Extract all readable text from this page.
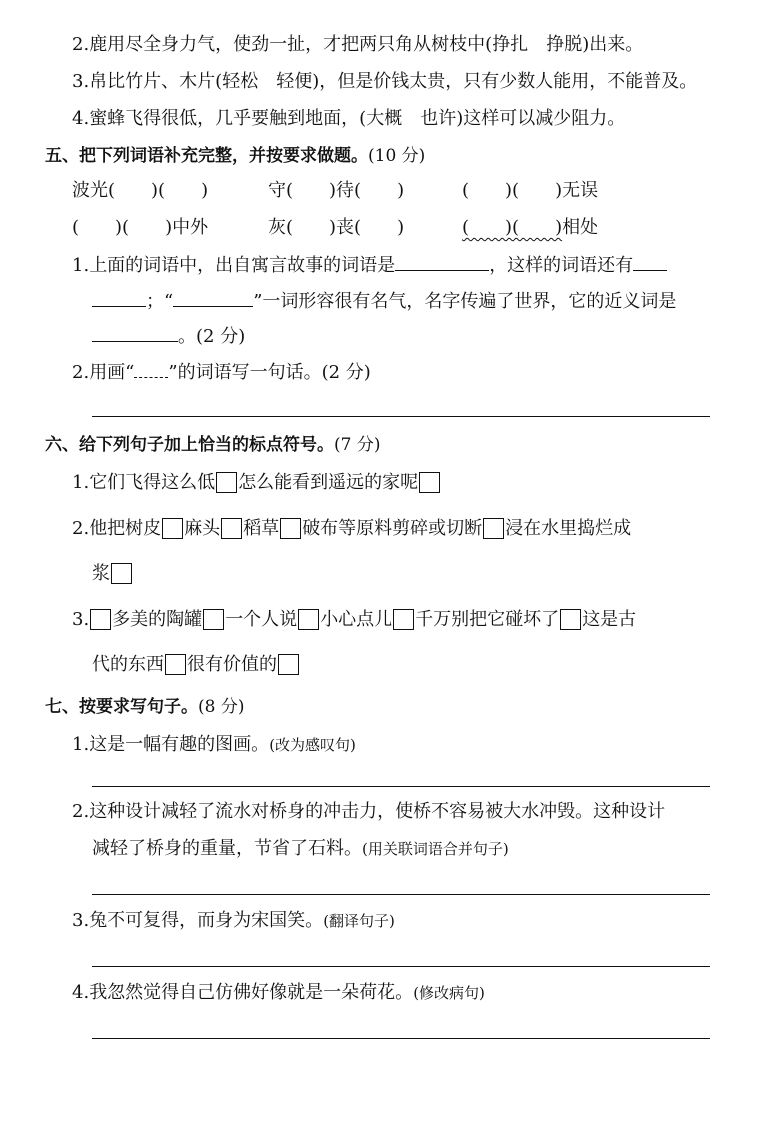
2.鹿用尽全身力气，使劲一扯，才把两只角从树枝中(挣扎　挣脱)出来。
3.帛比竹片、木片(轻松　轻便)，但是价钱太贵，只有少数人能用，不能普及。
4.蜜蜂飞得很低，几乎要触到地面，(大概　也许)这样可以减少阻力。
五、把下列词语补充完整，并按要求做题。(10 分)
波光(　　)(　　)	守(　　)待(　　)	(　　)(　　)无误
(　　)(　　)中外	灰(　　)丧(　　)	(　　)(　　)相处
1.上面的词语中，出自寓言故事的词语是	，这样的词语还有
；“	”一词形容很有名气，名字传遍了世界，它的近义词是
。(2 分)
2.用画“ ”的词语写一句话。(2 分)
六、给下列句子加上恰当的标点符号。(7 分)
1.它们飞得这么低 怎么能看到遥远的家呢
2.他把树皮 麻头 稻草 破布等原料剪碎或切断 浸在水里捣烂成
浆
3. 多美的陶罐 一个人说 小心点儿 千万别把它碰坏了 这是古
代的东西 很有价值的
七、按要求写句子。(8 分)
1.这是一幅有趣的图画。(改为感叹句)
2.这种设计减轻了流水对桥身的冲击力，使桥不容易被大水冲毁。这种设计
减轻了桥身的重量，节省了石料。(用关联词语合并句子)
3.兔不可复得，而身为宋国笑。(翻译句子)
4.我忽然觉得自己仿佛好像就是一朵荷花。(修改病句)
